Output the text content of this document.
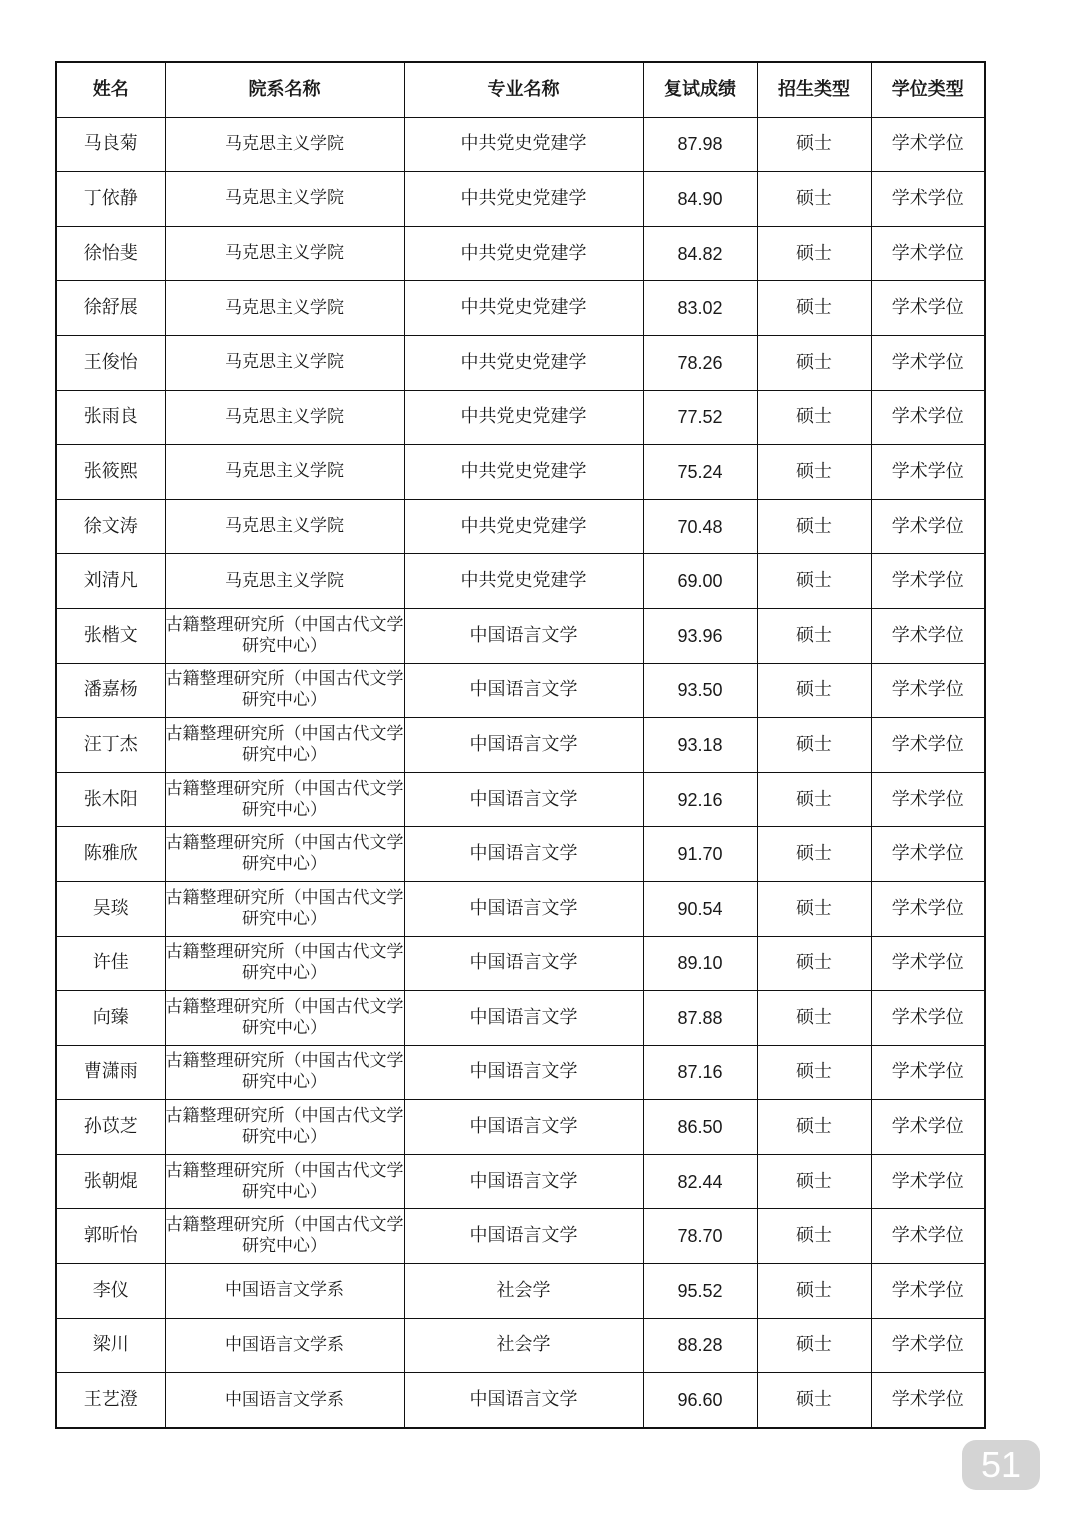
姓名	院系名称	专业名称	复试成绩	招生类型	学位类型
马良菊	马克思主义学院	中共党史党建学	87.98	硕士	学术学位
丁依静	马克思主义学院	中共党史党建学	84.90	硕士	学术学位
徐怡斐	马克思主义学院	中共党史党建学	84.82	硕士	学术学位
徐舒展	马克思主义学院	中共党史党建学	83.02	硕士	学术学位
王俊怡	马克思主义学院	中共党史党建学	78.26	硕士	学术学位
张雨良	马克思主义学院	中共党史党建学	77.52	硕士	学术学位
张筱熙	马克思主义学院	中共党史党建学	75.24	硕士	学术学位
徐文涛	马克思主义学院	中共党史党建学	70.48	硕士	学术学位
刘清凡	马克思主义学院	中共党史党建学	69.00	硕士	学术学位
张楷文	古籍整理研究所（中国古代文学研究中心）	中国语言文学	93.96	硕士	学术学位
潘嘉杨	古籍整理研究所（中国古代文学研究中心）	中国语言文学	93.50	硕士	学术学位
汪丁杰	古籍整理研究所（中国古代文学研究中心）	中国语言文学	93.18	硕士	学术学位
张木阳	古籍整理研究所（中国古代文学研究中心）	中国语言文学	92.16	硕士	学术学位
陈雅欣	古籍整理研究所（中国古代文学研究中心）	中国语言文学	91.70	硕士	学术学位
吴琰	古籍整理研究所（中国古代文学研究中心）	中国语言文学	90.54	硕士	学术学位
许佳	古籍整理研究所（中国古代文学研究中心）	中国语言文学	89.10	硕士	学术学位
向臻	古籍整理研究所（中国古代文学研究中心）	中国语言文学	87.88	硕士	学术学位
曹潇雨	古籍整理研究所（中国古代文学研究中心）	中国语言文学	87.16	硕士	学术学位
孙苡芝	古籍整理研究所（中国古代文学研究中心）	中国语言文学	86.50	硕士	学术学位
张朝焜	古籍整理研究所（中国古代文学研究中心）	中国语言文学	82.44	硕士	学术学位
郭昕怡	古籍整理研究所（中国古代文学研究中心）	中国语言文学	78.70	硕士	学术学位
李仪	中国语言文学系	社会学	95.52	硕士	学术学位
梁川	中国语言文学系	社会学	88.28	硕士	学术学位
王艺澄	中国语言文学系	中国语言文学	96.60	硕士	学术学位
51
